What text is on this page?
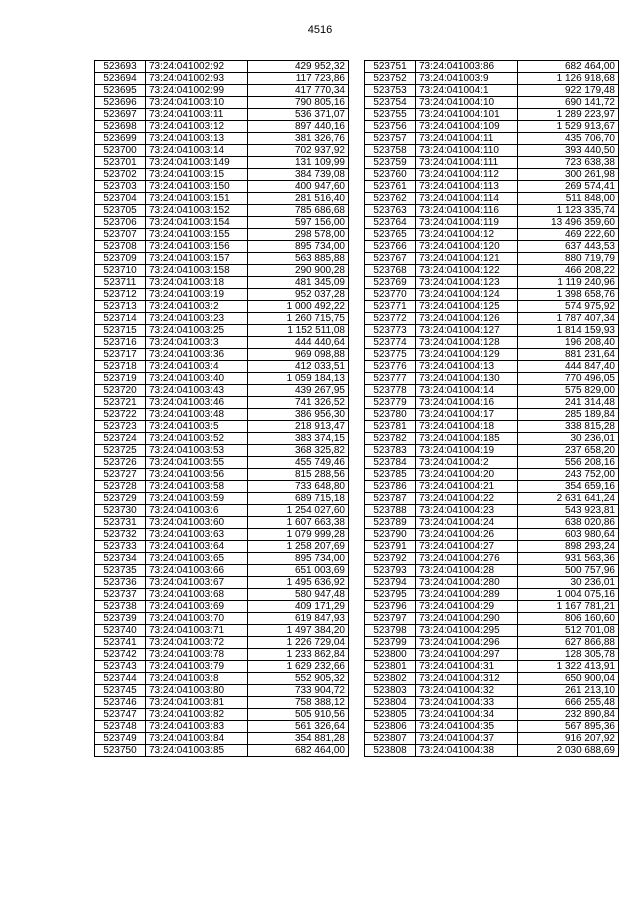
4516
523693	73:24:041002:92	429 952,32
523694	73:24:041002:93	117 723,86
523695	73:24:041002:99	417 770,34
523696	73:24:041003:10	790 805,16
523697	73:24:041003:11	536 371,07
523698	73:24:041003:12	897 440,16
523699	73:24:041003:13	381 326,76
523700	73:24:041003:14	702 937,92
523701	73:24:041003:149	131 109,99
523702	73:24:041003:15	384 739,08
523703	73:24:041003:150	400 947,60
523704	73:24:041003:151	281 516,40
523705	73:24:041003:152	785 686,68
523706	73:24:041003:154	597 156,00
523707	73:24:041003:155	298 578,00
523708	73:24:041003:156	895 734,00
523709	73:24:041003:157	563 885,88
523710	73:24:041003:158	290 900,28
523711	73:24:041003:18	481 345,09
523712	73:24:041003:19	952 037,28
523713	73:24:041003:2	1 000 492,22
523714	73:24:041003:23	1 260 715,75
523715	73:24:041003:25	1 152 511,08
523716	73:24:041003:3	444 440,64
523717	73:24:041003:36	969 098,88
523718	73:24:041003:4	412 033,51
523719	73:24:041003:40	1 059 184,13
523720	73:24:041003:43	439 267,95
523721	73:24:041003:46	741 326,52
523722	73:24:041003:48	386 956,30
523723	73:24:041003:5	218 913,47
523724	73:24:041003:52	383 374,15
523725	73:24:041003:53	368 325,82
523726	73:24:041003:55	455 749,46
523727	73:24:041003:56	815 288,56
523728	73:24:041003:58	733 648,80
523729	73:24:041003:59	689 715,18
523730	73:24:041003:6	1 254 027,60
523731	73:24:041003:60	1 607 663,38
523732	73:24:041003:63	1 079 999,28
523733	73:24:041003:64	1 258 207,69
523734	73:24:041003:65	895 734,00
523735	73:24:041003:66	651 003,69
523736	73:24:041003:67	1 495 636,92
523737	73:24:041003:68	580 947,48
523738	73:24:041003:69	409 171,29
523739	73:24:041003:70	619 847,93
523740	73:24:041003:71	1 497 384,20
523741	73:24:041003:72	1 226 729,04
523742	73:24:041003:78	1 233 862,84
523743	73:24:041003:79	1 629 232,66
523744	73:24:041003:8	552 905,32
523745	73:24:041003:80	733 904,72
523746	73:24:041003:81	758 388,12
523747	73:24:041003:82	505 910,56
523748	73:24:041003:83	561 326,64
523749	73:24:041003:84	354 881,28
523750	73:24:041003:85	682 464,00
523751	73:24:041003:86	682 464,00
523752	73:24:041003:9	1 126 918,68
523753	73:24:041004:1	922 179,48
523754	73:24:041004:10	690 141,72
523755	73:24:041004:101	1 289 223,97
523756	73:24:041004:109	1 529 913,67
523757	73:24:041004:11	435 706,70
523758	73:24:041004:110	393 440,50
523759	73:24:041004:111	723 638,38
523760	73:24:041004:112	300 261,98
523761	73:24:041004:113	269 574,41
523762	73:24:041004:114	511 848,00
523763	73:24:041004:116	1 123 335,74
523764	73:24:041004:119	13 496 359,60
523765	73:24:041004:12	469 222,60
523766	73:24:041004:120	637 443,53
523767	73:24:041004:121	880 719,79
523768	73:24:041004:122	466 208,22
523769	73:24:041004:123	1 119 240,96
523770	73:24:041004:124	1 398 658,76
523771	73:24:041004:125	574 975,92
523772	73:24:041004:126	1 787 407,34
523773	73:24:041004:127	1 814 159,93
523774	73:24:041004:128	196 208,40
523775	73:24:041004:129	881 231,64
523776	73:24:041004:13	444 847,40
523777	73:24:041004:130	770 496,05
523778	73:24:041004:14	575 829,00
523779	73:24:041004:16	241 314,48
523780	73:24:041004:17	285 189,84
523781	73:24:041004:18	338 815,28
523782	73:24:041004:185	30 236,01
523783	73:24:041004:19	237 658,20
523784	73:24:041004:2	556 208,16
523785	73:24:041004:20	243 752,00
523786	73:24:041004:21	354 659,16
523787	73:24:041004:22	2 631 641,24
523788	73:24:041004:23	543 923,81
523789	73:24:041004:24	638 020,86
523790	73:24:041004:26	603 980,64
523791	73:24:041004:27	898 293,24
523792	73:24:041004:276	931 563,36
523793	73:24:041004:28	500 757,96
523794	73:24:041004:280	30 236,01
523795	73:24:041004:289	1 004 075,16
523796	73:24:041004:29	1 167 781,21
523797	73:24:041004:290	806 160,60
523798	73:24:041004:295	512 701,08
523799	73:24:041004:296	627 866,88
523800	73:24:041004:297	128 305,78
523801	73:24:041004:31	1 322 413,91
523802	73:24:041004:312	650 900,04
523803	73:24:041004:32	261 213,10
523804	73:24:041004:33	666 255,48
523805	73:24:041004:34	232 890,84
523806	73:24:041004:35	567 895,36
523807	73:24:041004:37	916 207,92
523808	73:24:041004:38	2 030 688,69
